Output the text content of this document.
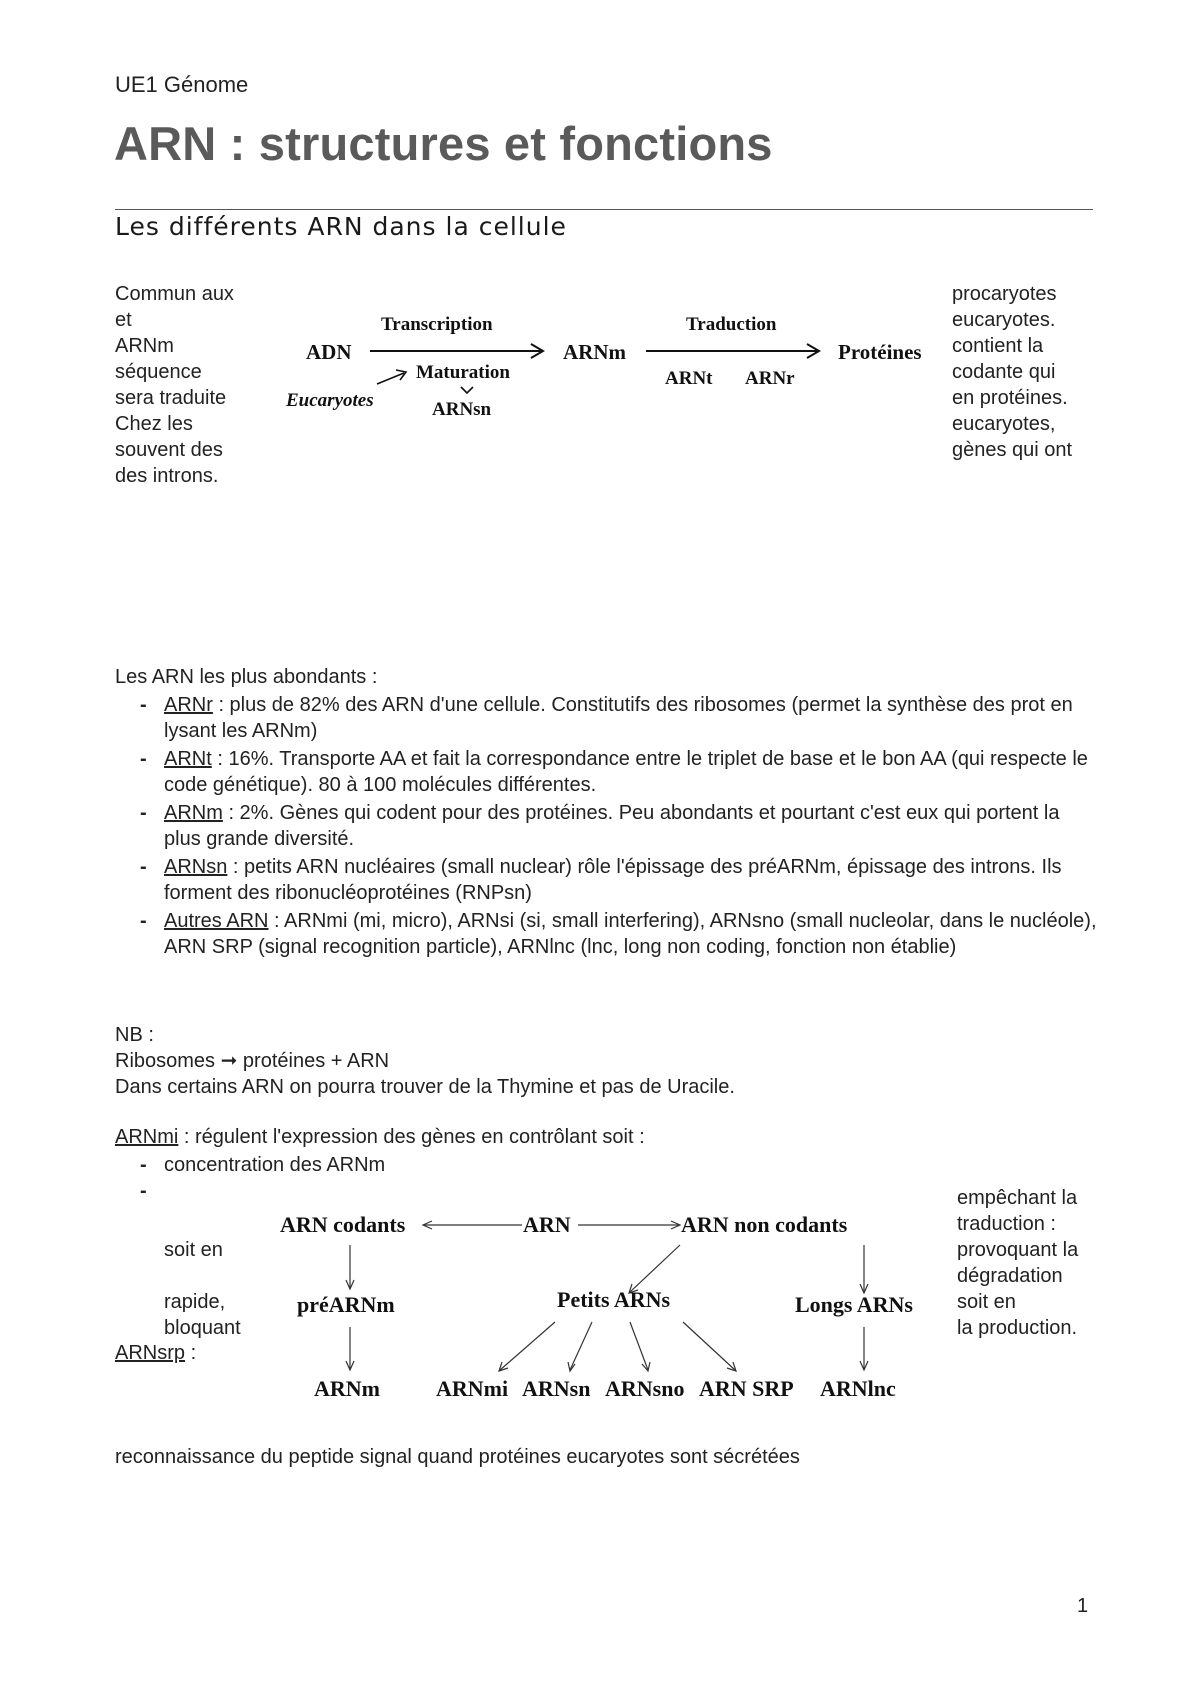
UE1 Génome
ARN : structures et fonctions
Les différents ARN dans la cellule
Commun aux
et
ARNm
séquence
sera traduite
Chez les
souvent des
des introns.
procaryotes
eucaryotes.
contient la
codante qui
en protéines.
eucaryotes,
gènes qui ont
ADN
Transcription
Maturation
Eucaryotes	ARNsn
ARNm
Traduction
ARNt ARNr
Protéines
Les ARN les plus abondants :
- ARNr : plus de 82% des ARN d'une cellule. Constitutifs des ribosomes (permet la synthèse des prot en lysant les ARNm)
- ARNt : 16%. Transporte AA et fait la correspondance entre le triplet de base et le bon AA (qui respecte le code génétique). 80 à 100 molécules différentes.
- ARNm : 2%. Gènes qui codent pour des protéines. Peu abondants et pourtant c'est eux qui portent la plus grande diversité.
- ARNsn : petits ARN nucléaires (small nuclear) rôle l'épissage des préARNm, épissage des introns. Ils forment des ribonucléoprotéines (RNPsn)
- Autres ARN : ARNmi (mi, micro), ARNsi (si, small interfering), ARNsno (small nucleolar, dans le nucléole), ARN SRP (signal recognition particle), ARNlnc (lnc, long non coding, fonction non établie)
NB :
Ribosomes ➞ protéines + ARN
Dans certains ARN on pourra trouver de la Thymine et pas de Uracile.
ARNmi : régulent l'expression des gènes en contrôlant soit :
- concentration des ARNm
-

soit en

rapide,
bloquant
ARNsrp :
empêchant la
traduction :
provoquant la
dégradation
soit en
la production.
ARN codants	ARN	ARN non codants
préARNm	Petits ARNs	Longs ARNs
ARNm	ARNmi ARNsn ARNsno ARN SRP ARNlnc
reconnaissance du peptide signal quand protéines eucaryotes sont sécrétées
1
